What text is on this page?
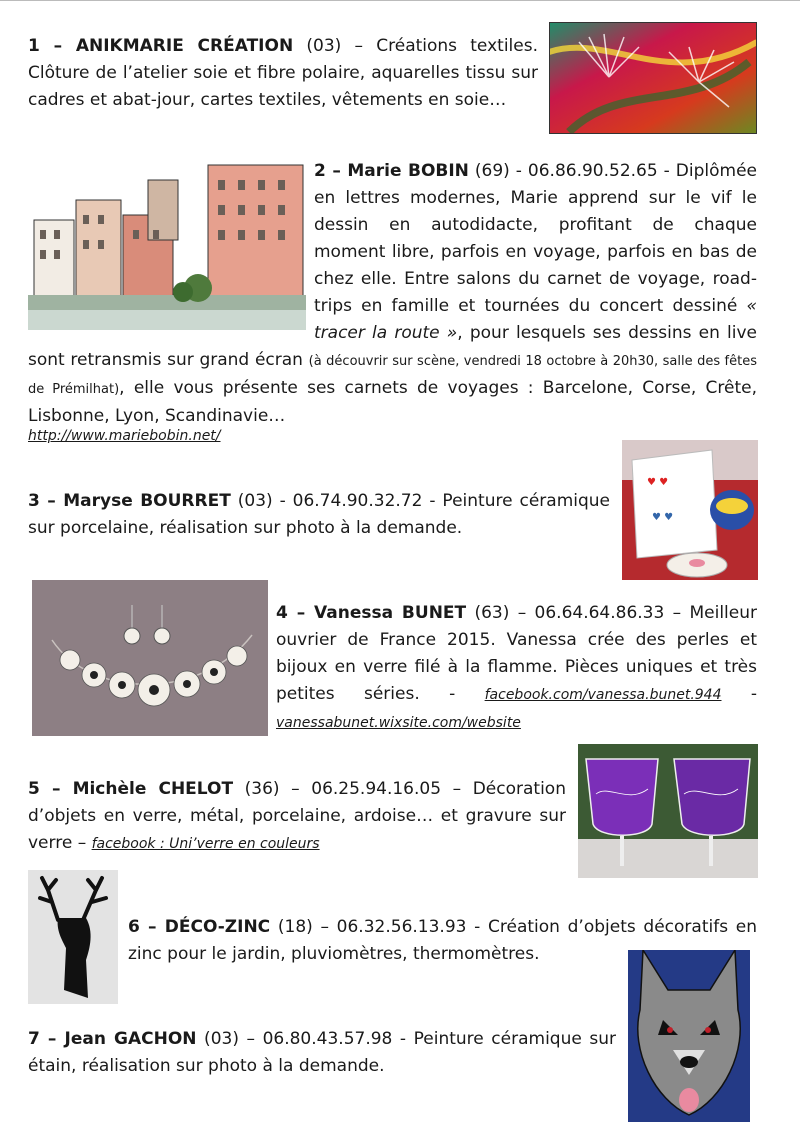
1 – ANIKMARIE CRÉATION (03) – Créations textiles. Clôture de l’atelier soie et fibre polaire, aquarelles tissu sur cadres et abat-jour, cartes textiles, vêtements en soie…
2 – Marie BOBIN (69) - 06.86.90.52.65 - Diplômée en lettres modernes, Marie apprend sur le vif le dessin en autodidacte, profitant de chaque moment libre, parfois en voyage, parfois en bas de chez elle. Entre salons du carnet de voyage, road-trips en famille et tournées du concert dessiné « tracer la route », pour lesquels ses dessins en live sont retransmis sur grand écran (à découvrir sur scène, vendredi 18 octobre à 20h30, salle des fêtes de Prémilhat), elle vous présente ses carnets de voyages : Barcelone, Corse, Crête, Lisbonne, Lyon, Scandinavie…
http://www.mariebobin.net/
3 – Maryse BOURRET (03) - 06.74.90.32.72 - Peinture céramique sur porcelaine, réalisation sur photo à la demande.
♥ ♥
♥ ♥
4 – Vanessa BUNET (63) – 06.64.64.86.33 – Meilleur ouvrier de France 2015. Vanessa crée des perles et bijoux en verre filé à la flamme. Pièces uniques et très petites séries. - facebook.com/vanessa.bunet.944 - vanessabunet.wixsite.com/website
5 – Michèle CHELOT (36) – 06.25.94.16.05 – Décoration d’objets en verre, métal, porcelaine, ardoise… et gravure sur verre – facebook : Uni’verre en couleurs
6 – DÉCO-ZINC (18) – 06.32.56.13.93 - Création d’objets décoratifs en zinc pour le jardin, pluviomètres, thermomètres.
7 – Jean GACHON (03) – 06.80.43.57.98 - Peinture céramique sur étain, réalisation sur photo à la demande.
